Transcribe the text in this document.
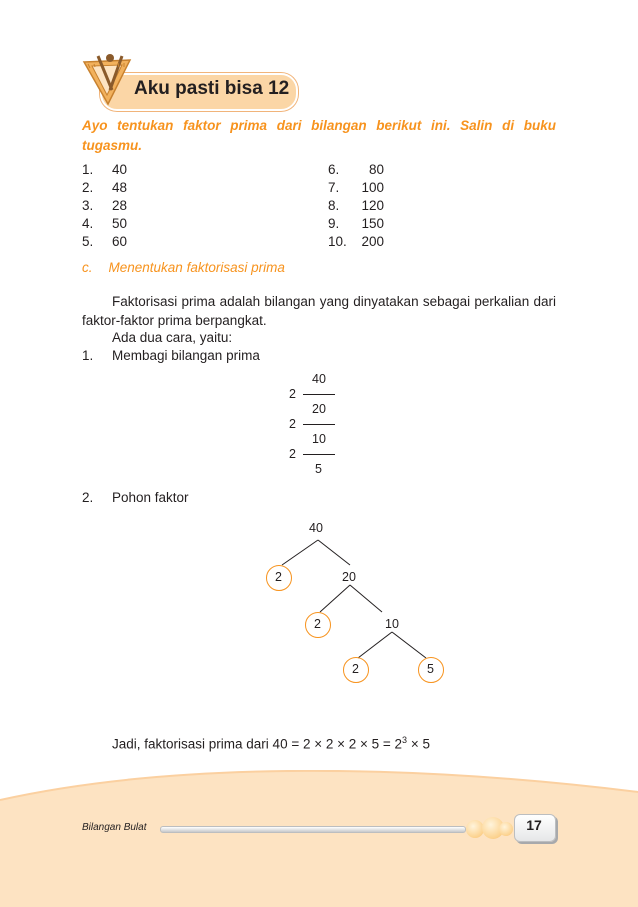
Aku pasti bisa 12
Ayo tentukan faktor prima dari bilangan berikut ini. Salin di buku tugasmu.
1. 40
2. 48
3. 28
4. 50
5. 60
6. 80
7. 100
8. 120
9. 150
10. 200
c. Menentukan faktorisasi prima
Faktorisasi prima adalah bilangan yang dinyatakan sebagai perkalian dari faktor-faktor prima berpangkat.
Ada dua cara, yaitu:
1. Membagi bilangan prima
40
2
20
2
10
2
5
2. Pohon faktor
40
2	20
2	10
2	5
Jadi, faktorisasi prima dari $40 = 2 \times 2 \times 2 \times 5 = 2^3 \times 5$
Bilangan Bulat	17
